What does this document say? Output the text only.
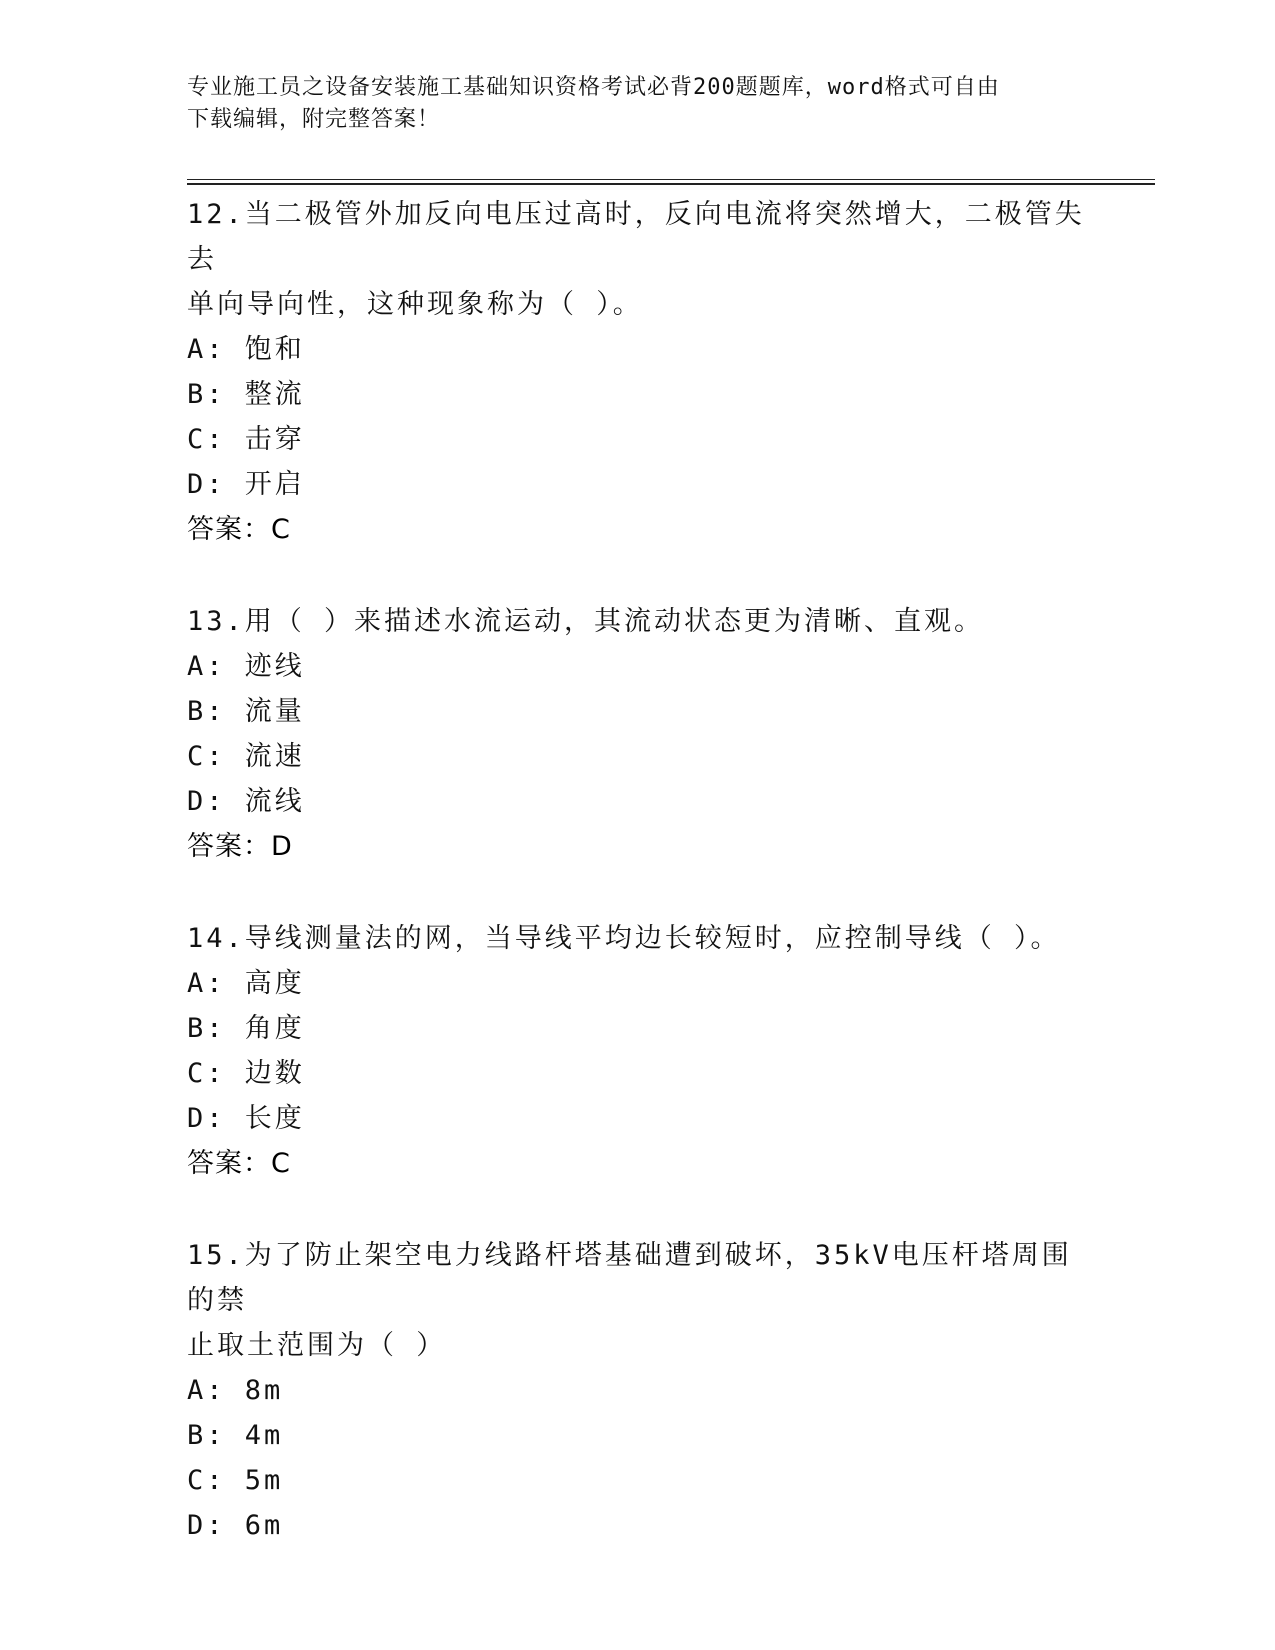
专业施工员之设备安装施工基础知识资格考试必背200题题库，word格式可自由
下载编辑，附完整答案！

12.当二极管外加反向电压过高时，反向电流将突然增大，二极管失去

单向导向性，这种现象称为（ ）。

A: 饱和

B: 整流

C: 击穿

D: 开启

答案：C

13.用（ ）来描述水流运动，其流动状态更为清晰、直观。

A: 迹线

B: 流量

C: 流速

D: 流线

答案：D

14.导线测量法的网，当导线平均边长较短时，应控制导线（ ）。

A: 高度

B: 角度

C: 边数

D: 长度

答案：C

15.为了防止架空电力线路杆塔基础遭到破坏，35kV电压杆塔周围的禁

止取土范围为（ ）

A: 8m

B: 4m

C: 5m

D: 6m
